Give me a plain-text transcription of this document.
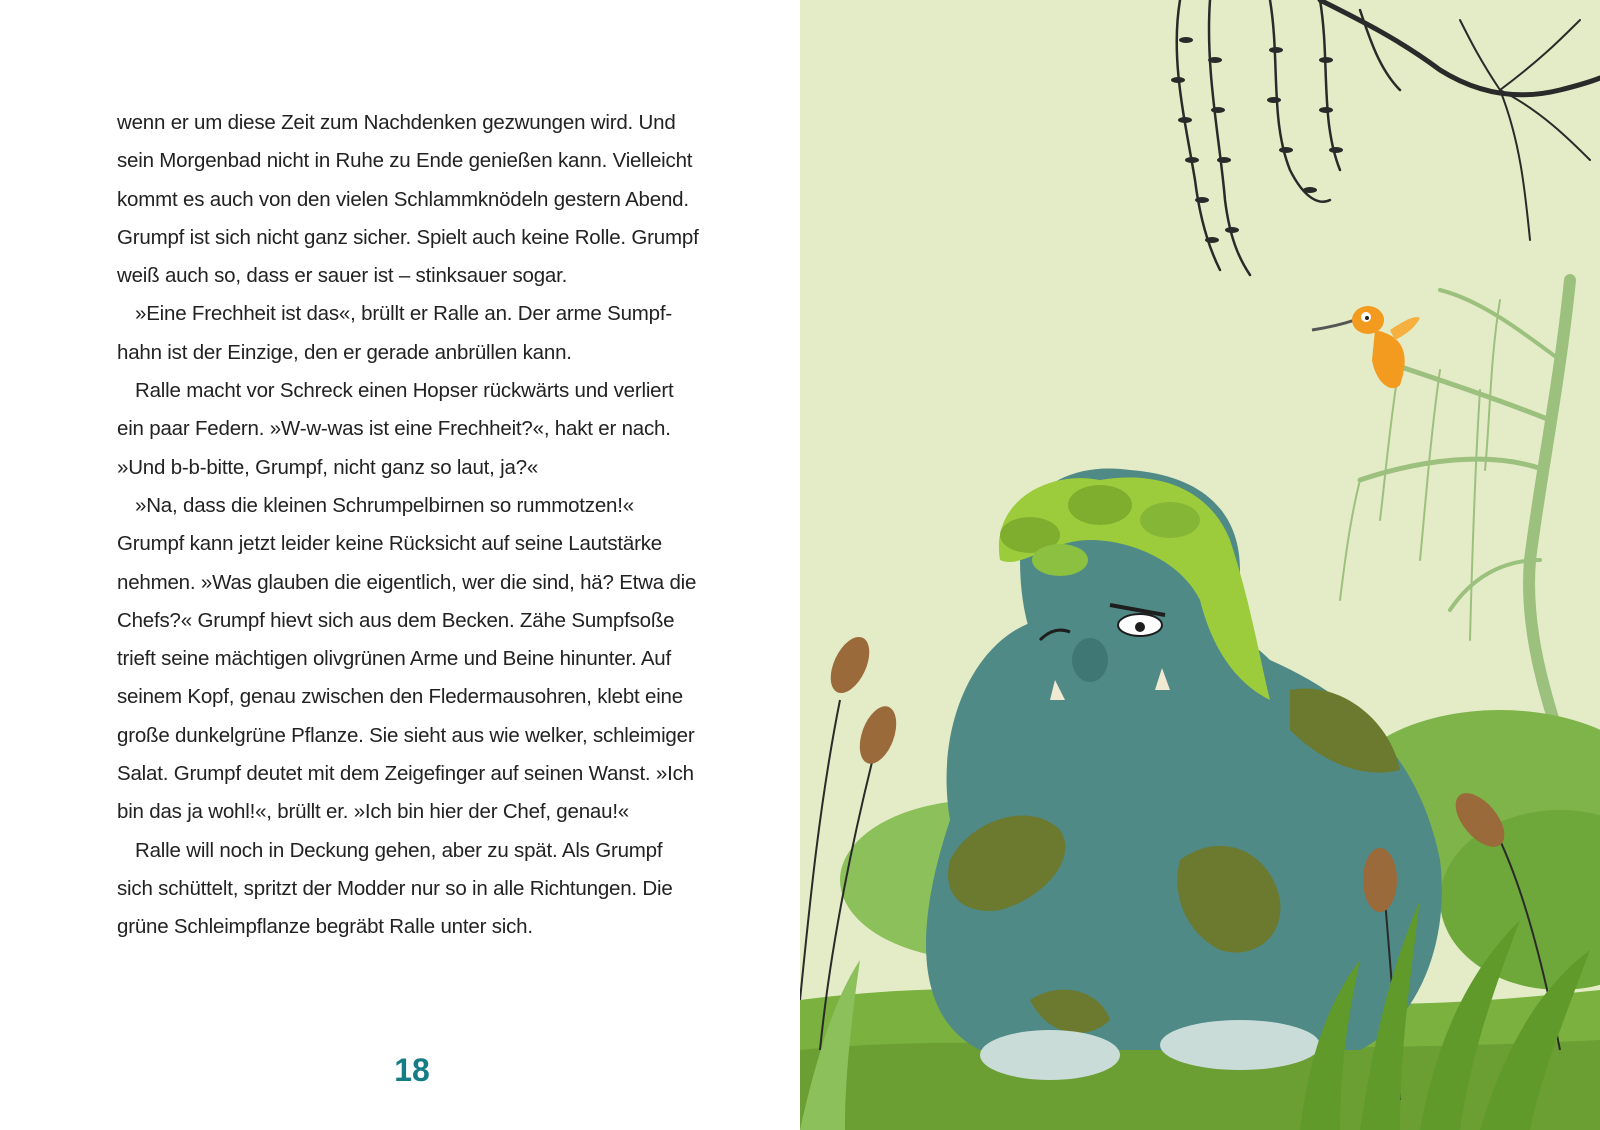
wenn er um diese Zeit zum Nachdenken gezwungen wird. Und
sein Morgenbad nicht in Ruhe zu Ende genießen kann. Vielleicht
kommt es auch von den vielen Schlammknödeln gestern Abend.
Grumpf ist sich nicht ganz sicher. Spielt auch keine Rolle. Grumpf
weiß auch so, dass er sauer ist – stinksauer sogar.
»Eine Frechheit ist das«, brüllt er Ralle an. Der arme Sumpf-
hahn ist der Einzige, den er gerade anbrüllen kann.
Ralle macht vor Schreck einen Hopser rückwärts und verliert
ein paar Federn. »W-w-was ist eine Frechheit?«, hakt er nach.
»Und b-b-bitte, Grumpf, nicht ganz so laut, ja?«
»Na, dass die kleinen Schrumpelbirnen so rummotzen!«
Grumpf kann jetzt leider keine Rücksicht auf seine Lautstärke
nehmen. »Was glauben die eigentlich, wer die sind, hä? Etwa die
Chefs?« Grumpf hievt sich aus dem Becken. Zähe Sumpfsoße
trieft seine mächtigen olivgrünen Arme und Beine hinunter. Auf
seinem Kopf, genau zwischen den Fledermausohren, klebt eine
große dunkelgrüne Pflanze. Sie sieht aus wie welker, schleimiger
Salat. Grumpf deutet mit dem Zeigefinger auf seinen Wanst. »Ich
bin das ja wohl!«, brüllt er. »Ich bin hier der Chef, genau!«
Ralle will noch in Deckung gehen, aber zu spät. Als Grumpf
sich schüttelt, spritzt der Modder nur so in alle Richtungen. Die
grüne Schleimpflanze begräbt Ralle unter sich.
18
